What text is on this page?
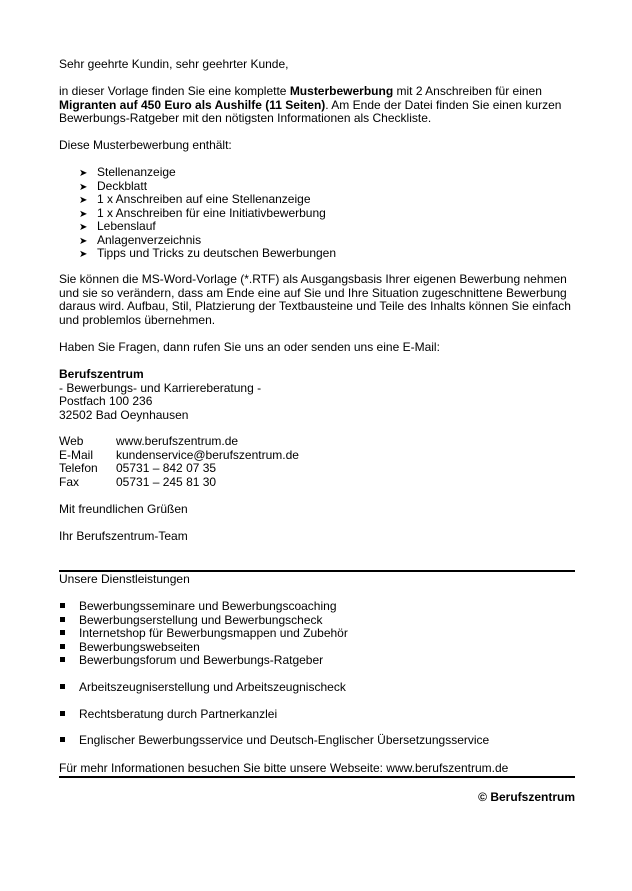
Sehr geehrte Kundin, sehr geehrter Kunde,
in dieser Vorlage finden Sie eine komplette Musterbewerbung mit 2 Anschreiben für einen
Migranten auf 450 Euro als Aushilfe (11 Seiten). Am Ende der Datei finden Sie einen kurzen
Bewerbungs-Ratgeber mit den nötigsten Informationen als Checkliste.
Diese Musterbewerbung enthält:
➤ Stellenanzeige
➤ Deckblatt
➤ 1 x Anschreiben auf eine Stellenanzeige
➤ 1 x Anschreiben für eine Initiativbewerbung
➤ Lebenslauf
➤ Anlagenverzeichnis
➤ Tipps und Tricks zu deutschen Bewerbungen
Sie können die MS-Word-Vorlage (*.RTF) als Ausgangsbasis Ihrer eigenen Bewerbung nehmen
und sie so verändern, dass am Ende eine auf Sie und Ihre Situation zugeschnittene Bewerbung
daraus wird. Aufbau, Stil, Platzierung der Textbausteine und Teile des Inhalts können Sie einfach
und problemlos übernehmen.
Haben Sie Fragen, dann rufen Sie uns an oder senden uns eine E-Mail:
Berufszentrum
- Bewerbungs- und Karriereberatung -
Postfach 100 236
32502 Bad Oeynhausen
Web	www.berufszentrum.de
E-Mail kundenservice@berufszentrum.de
Telefon 05731 – 842 07 35
Fax	05731 – 245 81 30
Mit freundlichen Grüßen
Ihr Berufszentrum-Team
Unsere Dienstleistungen
Bewerbungsseminare und Bewerbungscoaching
Bewerbungserstellung und Bewerbungscheck
Internetshop für Bewerbungsmappen und Zubehör
Bewerbungswebseiten
Bewerbungsforum und Bewerbungs-Ratgeber
Arbeitszeugniserstellung und Arbeitszeugnischeck
Rechtsberatung durch Partnerkanzlei
Englischer Bewerbungsservice und Deutsch-Englischer Übersetzungsservice
Für mehr Informationen besuchen Sie bitte unsere Webseite: www.berufszentrum.de
© Berufszentrum
